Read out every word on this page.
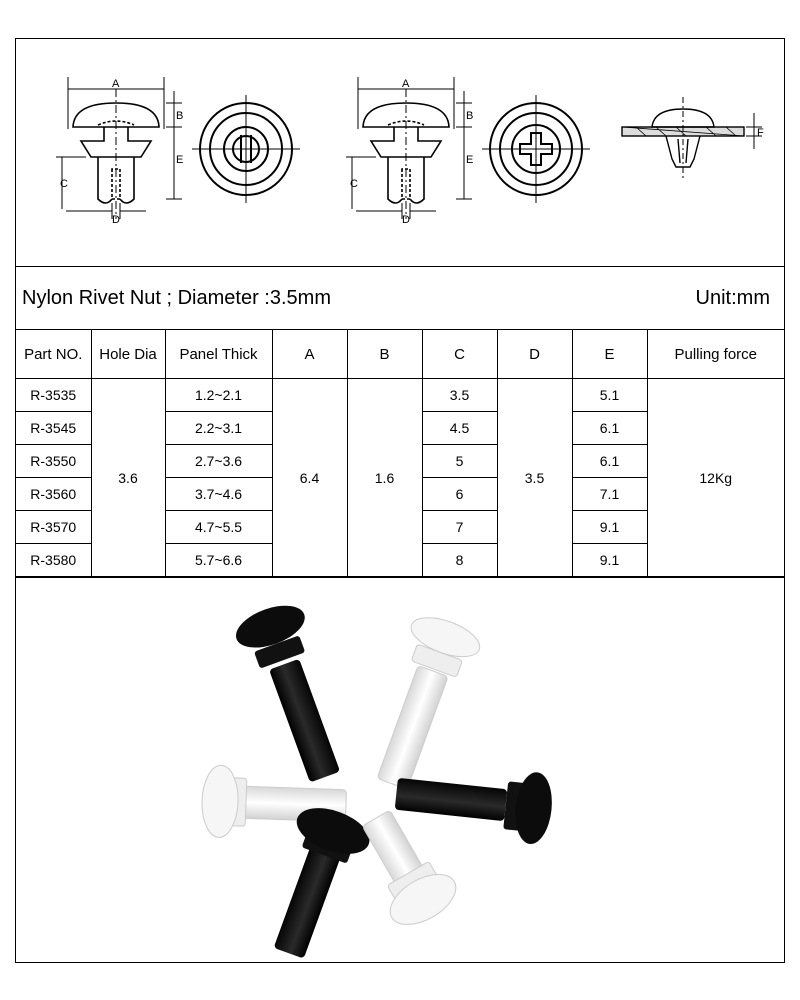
A
B
E
C
D
A
B
E
C
D
F
Nylon Rivet Nut ; Diameter :3.5mm	Unit:mm
Part NO.	Hole Dia	Panel Thick	A	B	C	D	E	Pulling force
R-3535	3.6	1.2~2.1	6.4	1.6	3.5	3.5	5.1	12Kg
R-3545		2.2~3.1			4.5		6.1	
R-3550		2.7~3.6			5		6.1	
R-3560		3.7~4.6			6		7.1	
R-3570		4.7~5.5			7		9.1	
R-3580		5.7~6.6			8		9.1	
